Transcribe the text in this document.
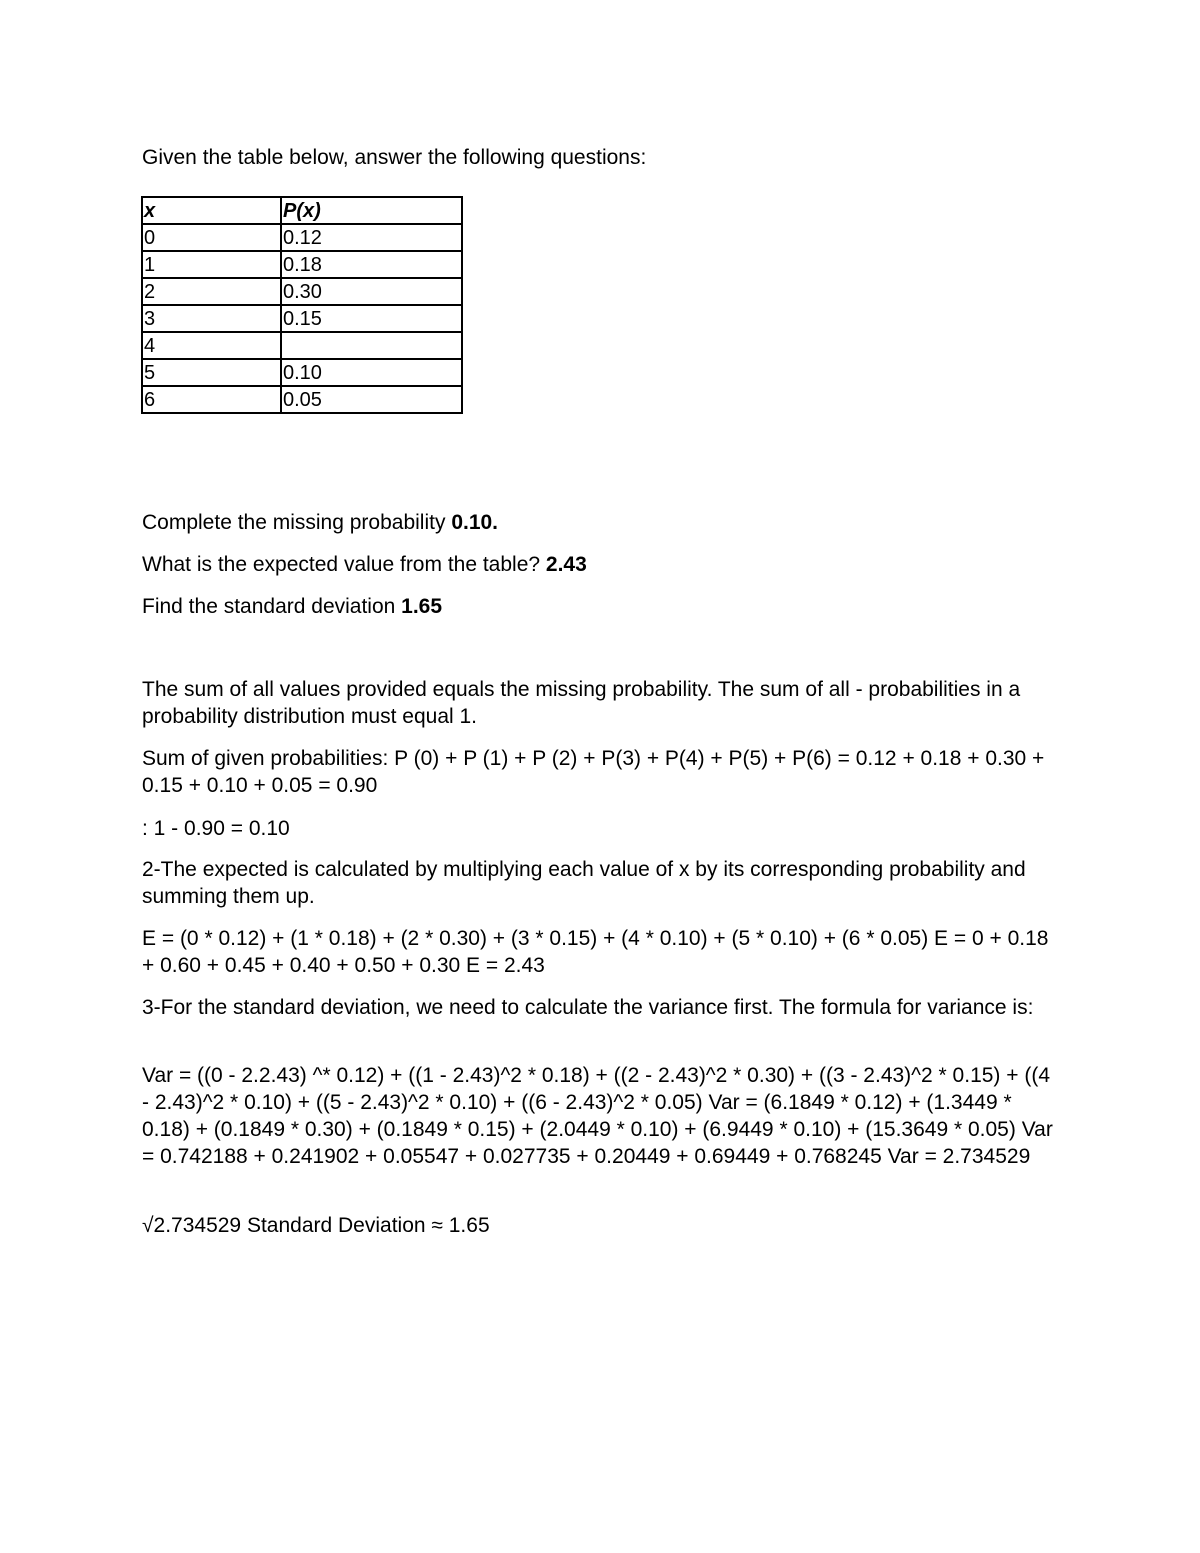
Given the table below, answer the following questions:

x	P(x)
0	0.12
1	0.18
2	0.30
3	0.15
4	
5	0.10
6	0.05

Complete the missing probability 0.10.

What is the expected value from the table? 2.43

Find the standard deviation 1.65

The sum of all values provided equals the missing probability. The sum of all - probabilities in a probability distribution must equal 1.

Sum of given probabilities: P (0) + P (1) + P (2) + P(3) + P(4) + P(5) + P(6) = 0.12 + 0.18 + 0.30 + 0.15 + 0.10 + 0.05 = 0.90

: 1 - 0.90 = 0.10

2-The expected is calculated by multiplying each value of x by its corresponding probability and summing them up.

E = (0 * 0.12) + (1 * 0.18) + (2 * 0.30) + (3 * 0.15) + (4 * 0.10) + (5 * 0.10) + (6 * 0.05) E = 0 + 0.18 + 0.60 + 0.45 + 0.40 + 0.50 + 0.30 E = 2.43

3-For the standard deviation, we need to calculate the variance first. The formula for variance is:

Var = ((0 - 2.2.43) ^* 0.12) + ((1 - 2.43)^2 * 0.18) + ((2 - 2.43)^2 * 0.30) + ((3 - 2.43)^2 * 0.15) + ((4 - 2.43)^2 * 0.10) + ((5 - 2.43)^2 * 0.10) + ((6 - 2.43)^2 * 0.05) Var = (6.1849 * 0.12) + (1.3449 * 0.18) + (0.1849 * 0.30) + (0.1849 * 0.15) + (2.0449 * 0.10) + (6.9449 * 0.10) + (15.3649 * 0.05) Var = 0.742188 + 0.241902 + 0.05547 + 0.027735 + 0.20449 + 0.69449 + 0.768245 Var = 2.734529

√2.734529 Standard Deviation ≈ 1.65
